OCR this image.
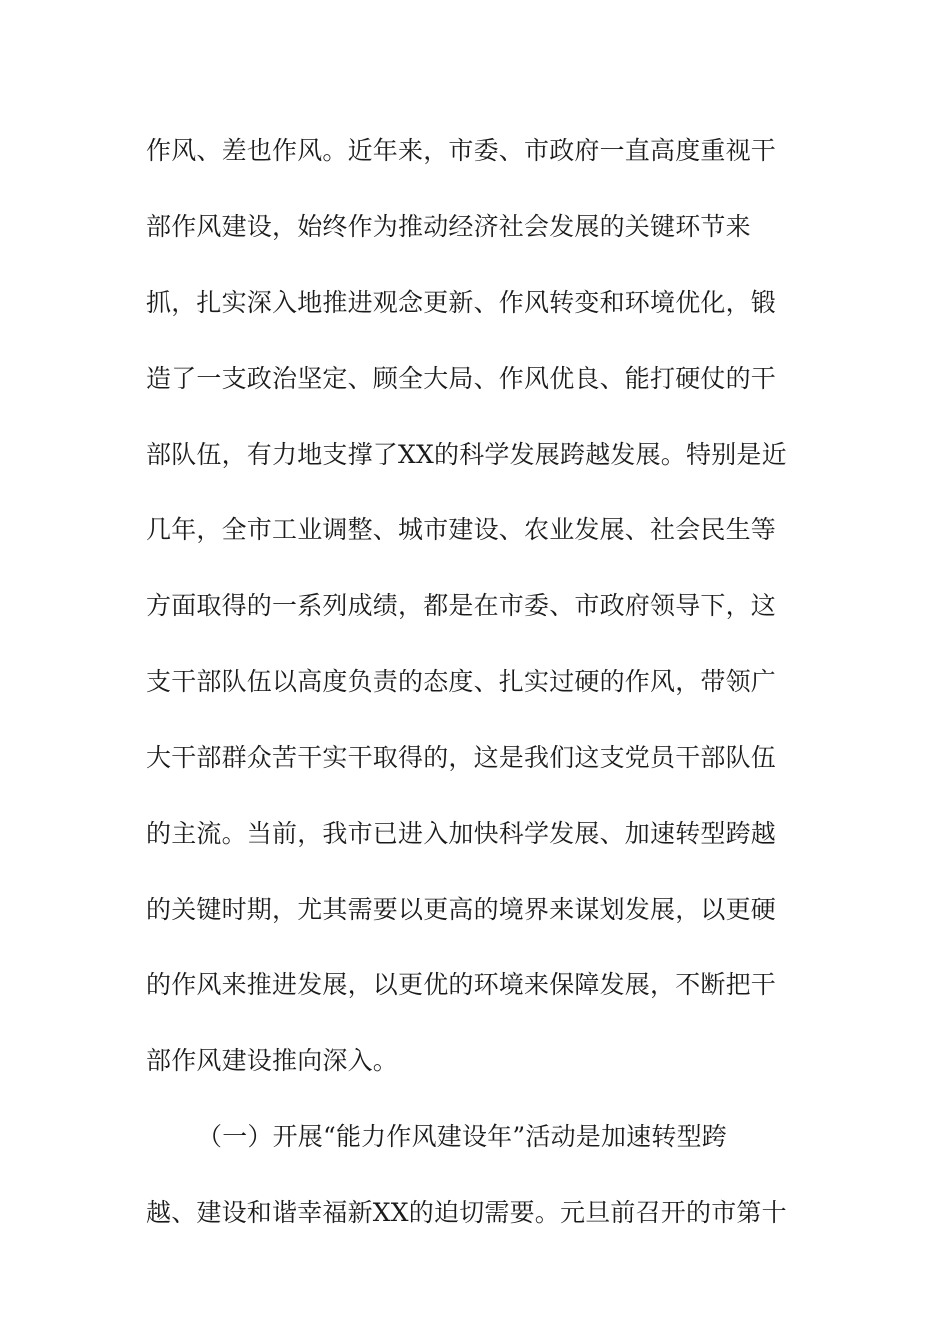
作风、差也作风。近年来，市委、市政府一直高度重视干
部作风建设，始终作为推动经济社会发展的关键环节来
抓，扎实深入地推进观念更新、作风转变和环境优化，锻
造了一支政治坚定、顾全大局、作风优良、能打硬仗的干
部队伍，有力地支撑了XX的科学发展跨越发展。特别是近
几年，全市工业调整、城市建设、农业发展、社会民生等
方面取得的一系列成绩，都是在市委、市政府领导下，这
支干部队伍以高度负责的态度、扎实过硬的作风，带领广
大干部群众苦干实干取得的，这是我们这支党员干部队伍
的主流。当前，我市已进入加快科学发展、加速转型跨越
的关键时期，尤其需要以更高的境界来谋划发展，以更硬
的作风来推进发展，以更优的环境来保障发展，不断把干
部作风建设推向深入。
（一）开展“能力作风建设年”活动是加速转型跨
越、建设和谐幸福新XX的迫切需要。元旦前召开的市第十
